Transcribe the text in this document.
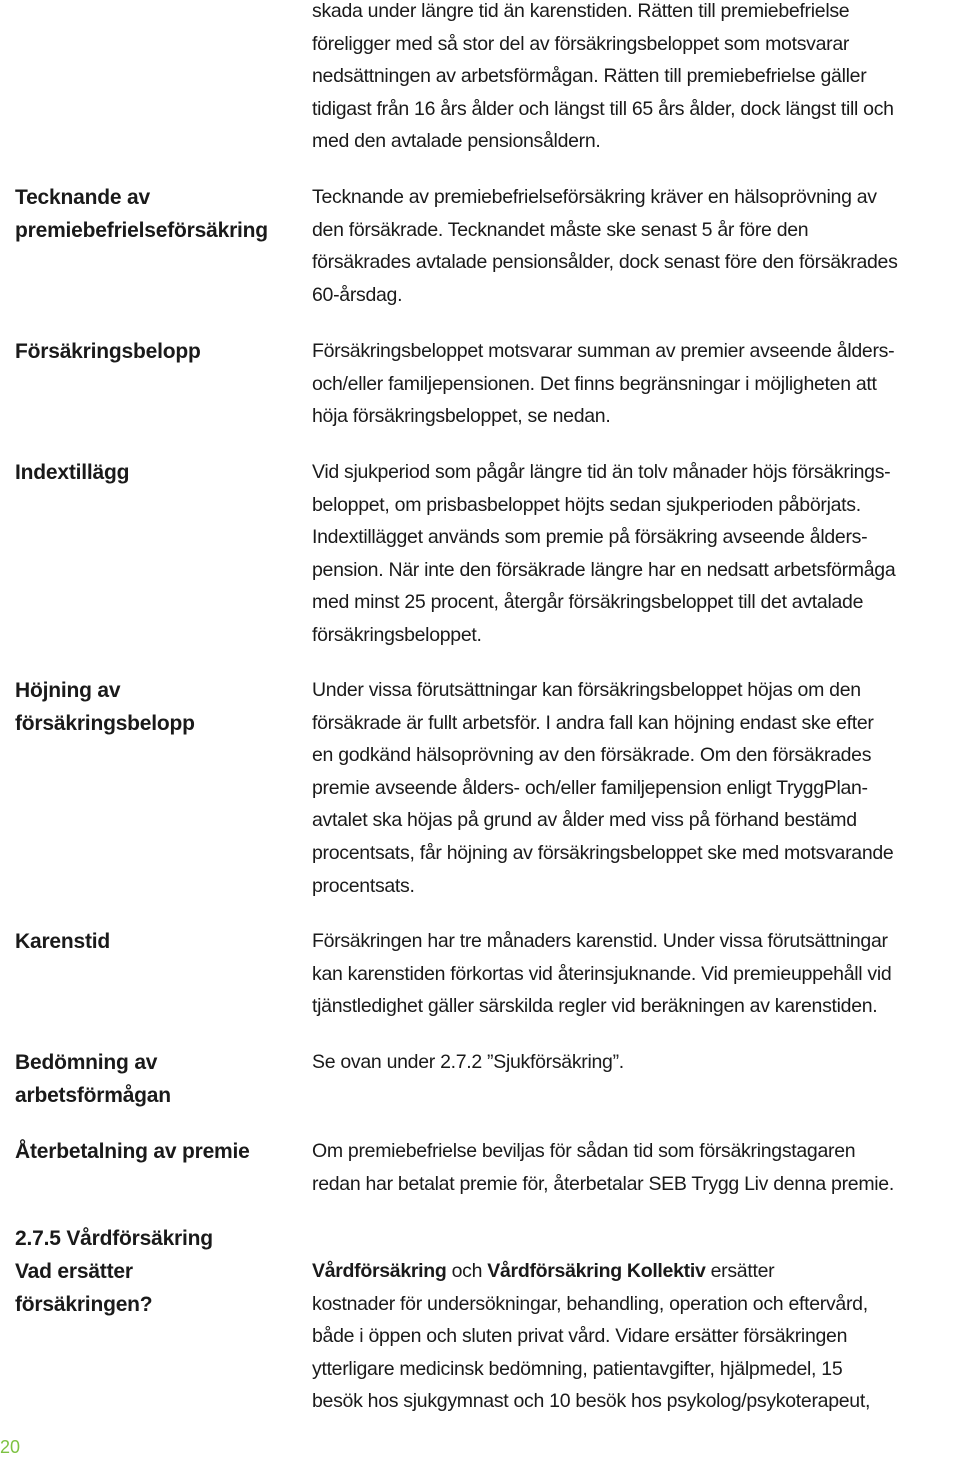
Tecknande av
premiebefrielseförsäkring
Försäkringsbelopp
Indextillägg
Höjning av
försäkringsbelopp
Karenstid
Bedömning av
arbetsförmågan
Återbetalning av premie
2.7.5 Vårdförsäkring
Vad ersätter
försäkringen?
skada under längre tid än karenstiden. Rätten till premiebefrielse
föreligger med så stor del av försäkringsbeloppet som motsvarar
nedsättningen av arbetsförmågan. Rätten till premiebefrielse gäller
tidigast från 16 års ålder och längst till 65 års ålder, dock längst till och
med den avtalade pensionsåldern.
Tecknande av premiebefrielseförsäkring kräver en hälsoprövning av
den försäkrade. Tecknandet måste ske senast 5 år före den
försäkrades avtalade pensionsålder, dock senast före den försäkrades
60-årsdag.
Försäkringsbeloppet motsvarar summan av premier avseende ålders-
och/eller familjepensionen. Det finns begränsningar i möjligheten att
höja försäkringsbeloppet, se nedan.
Vid sjukperiod som pågår längre tid än tolv månader höjs försäkrings-
beloppet, om prisbasbeloppet höjts sedan sjukperioden påbörjats.
Indextillägget används som premie på försäkring avseende ålders-
pension. När inte den försäkrade längre har en nedsatt arbetsförmåga
med minst 25 procent, återgår försäkringsbeloppet till det avtalade
försäkringsbeloppet.
Under vissa förutsättningar kan försäkringsbeloppet höjas om den
försäkrade är fullt arbetsför. I andra fall kan höjning endast ske efter
en godkänd hälsoprövning av den försäkrade. Om den försäkrades
premie avseende ålders- och/eller familjepension enligt TryggPlan-
avtalet ska höjas på grund av ålder med viss på förhand bestämd
procentsats, får höjning av försäkringsbeloppet ske med motsvarande
procentsats.
Försäkringen har tre månaders karenstid. Under vissa förutsättningar
kan karenstiden förkortas vid återinsjuknande. Vid premieuppehåll vid
tjänstledighet gäller särskilda regler vid beräkningen av karenstiden.
Se ovan under 2.7.2 ”Sjukförsäkring”.
Om premiebefrielse beviljas för sådan tid som försäkringstagaren
redan har betalat premie för, återbetalar SEB Trygg Liv denna premie.
Vårdförsäkring och Vårdförsäkring Kollektiv ersätter
kostnader för undersökningar, behandling, operation och eftervård,
både i öppen och sluten privat vård. Vidare ersätter försäkringen
ytterligare medicinsk bedömning, patientavgifter, hjälpmedel, 15
besök hos sjukgymnast och 10 besök hos psykolog/psykoterapeut,
20
